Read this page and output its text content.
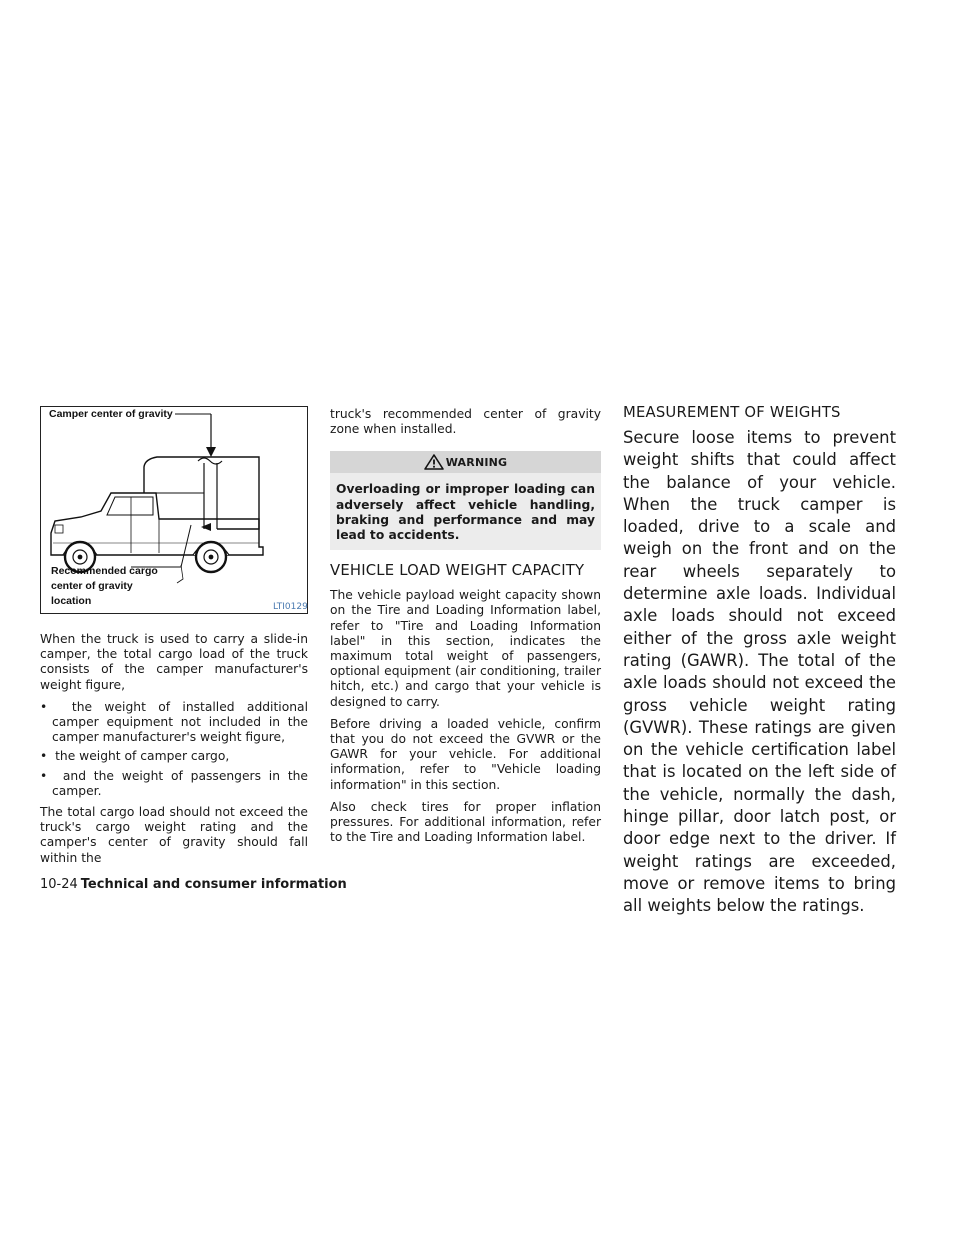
Camper center of gravity
Recommended cargo
center of gravity
location	LTI0129

When the truck is used to carry a slide-in camper, the total cargo load of the truck consists of the camper manufacturer's weight figure,

•  the weight of installed additional camper equipment not included in the camper manufacturer's weight figure,
•  the weight of camper cargo,
•  and the weight of passengers in the camper.

The total cargo load should not exceed the truck's cargo weight rating and the camper's center of gravity should fall within the

truck's recommended center of gravity zone when installed.

WARNING
Overloading or improper loading can adversely affect vehicle handling, braking and performance and may lead to accidents.
VEHICLE LOAD WEIGHT CAPACITY

The vehicle payload weight capacity shown on the Tire and Loading Information label, refer to "Tire and Loading Information label" in this section, indicates the maximum total weight of passengers, optional equipment (air conditioning, trailer hitch, etc.) and cargo that your vehicle is designed to carry.

Before driving a loaded vehicle, confirm that you do not exceed the GVWR or the GAWR for your vehicle. For additional information, refer to "Vehicle loading information" in this section.

Also check tires for proper inflation pressures. For additional information, refer to the Tire and Loading Information label.

MEASUREMENT OF WEIGHTS

Secure loose items to prevent weight shifts that could affect the balance of your vehicle. When the truck camper is loaded, drive to a scale and weigh on the front and on the rear wheels separately to determine axle loads. Individual axle loads should not exceed either of the gross axle weight rating (GAWR). The total of the axle loads should not exceed the gross vehicle weight rating (GVWR). These ratings are given on the vehicle certification label that is located on the left side of the vehicle, normally the dash, hinge pillar, door latch post, or door edge next to the driver. If weight ratings are exceeded, move or remove items to bring all weights below the ratings.

10-24 Technical and consumer information
